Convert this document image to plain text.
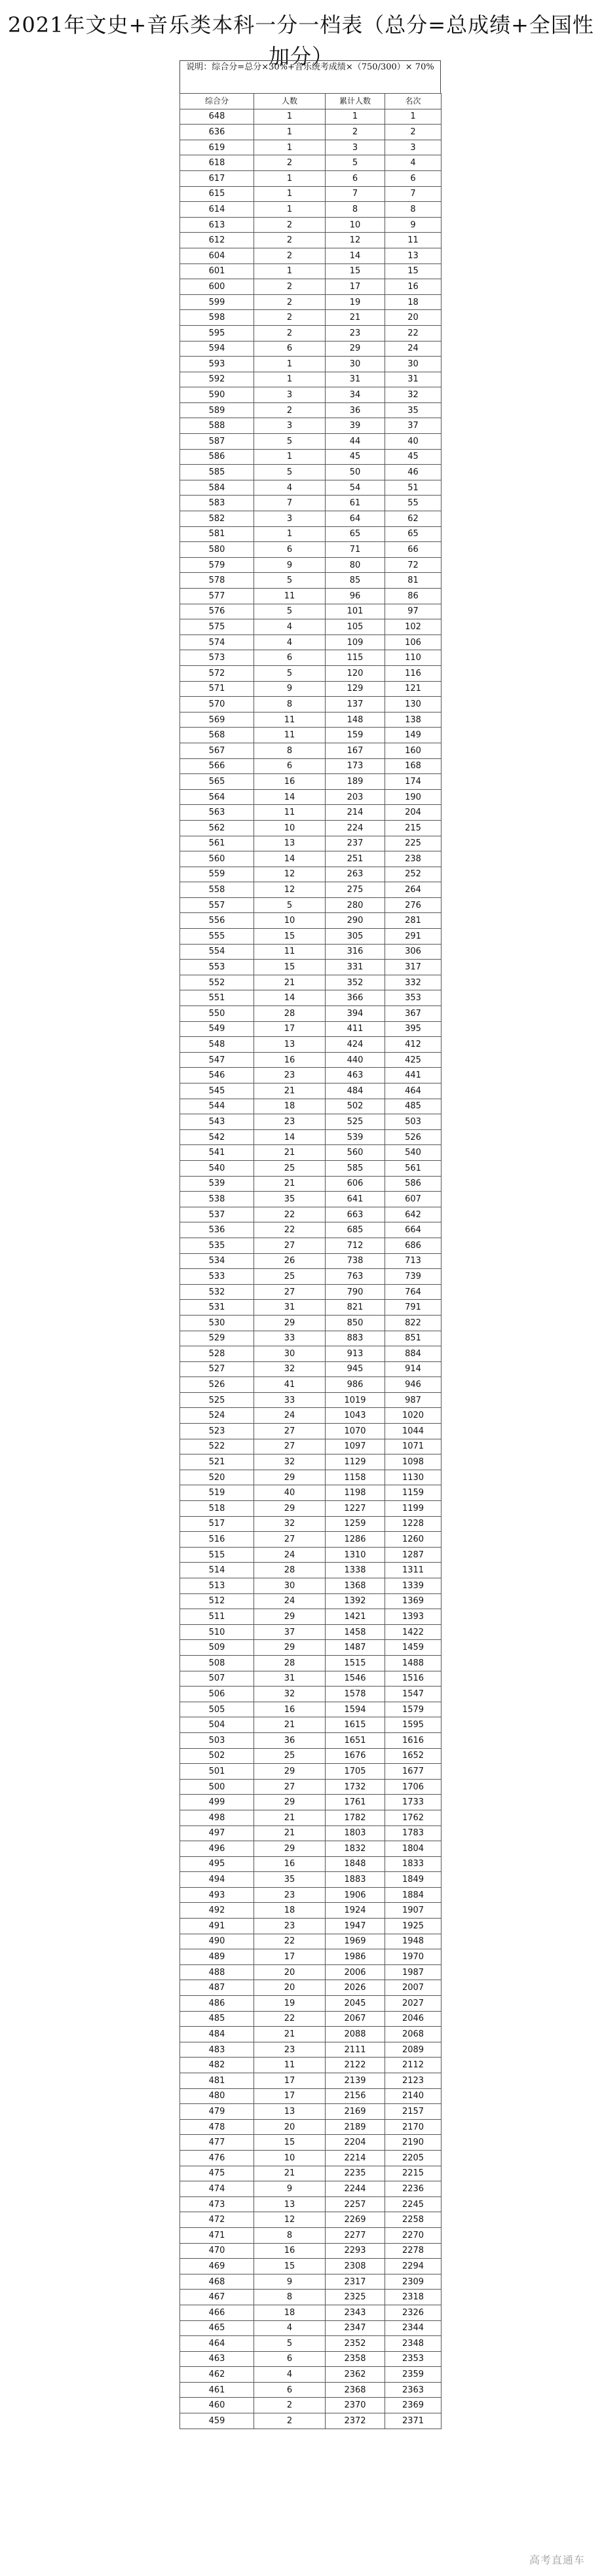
2021年文史+音乐类本科一分一档表（总分=总成绩+全国性加分）
说明：综合分=总分×30%+音乐统考成绩×（750/300）× 70%
综合分	人数	累计人数	名次
648	1	1	1
636	1	2	2
619	1	3	3
618	2	5	4
617	1	6	6
615	1	7	7
614	1	8	8
613	2	10	9
612	2	12	11
604	2	14	13
601	1	15	15
600	2	17	16
599	2	19	18
598	2	21	20
595	2	23	22
594	6	29	24
593	1	30	30
592	1	31	31
590	3	34	32
589	2	36	35
588	3	39	37
587	5	44	40
586	1	45	45
585	5	50	46
584	4	54	51
583	7	61	55
582	3	64	62
581	1	65	65
580	6	71	66
579	9	80	72
578	5	85	81
577	11	96	86
576	5	101	97
575	4	105	102
574	4	109	106
573	6	115	110
572	5	120	116
571	9	129	121
570	8	137	130
569	11	148	138
568	11	159	149
567	8	167	160
566	6	173	168
565	16	189	174
564	14	203	190
563	11	214	204
562	10	224	215
561	13	237	225
560	14	251	238
559	12	263	252
558	12	275	264
557	5	280	276
556	10	290	281
555	15	305	291
554	11	316	306
553	15	331	317
552	21	352	332
551	14	366	353
550	28	394	367
549	17	411	395
548	13	424	412
547	16	440	425
546	23	463	441
545	21	484	464
544	18	502	485
543	23	525	503
542	14	539	526
541	21	560	540
540	25	585	561
539	21	606	586
538	35	641	607
537	22	663	642
536	22	685	664
535	27	712	686
534	26	738	713
533	25	763	739
532	27	790	764
531	31	821	791
530	29	850	822
529	33	883	851
528	30	913	884
527	32	945	914
526	41	986	946
525	33	1019	987
524	24	1043	1020
523	27	1070	1044
522	27	1097	1071
521	32	1129	1098
520	29	1158	1130
519	40	1198	1159
518	29	1227	1199
517	32	1259	1228
516	27	1286	1260
515	24	1310	1287
514	28	1338	1311
513	30	1368	1339
512	24	1392	1369
511	29	1421	1393
510	37	1458	1422
509	29	1487	1459
508	28	1515	1488
507	31	1546	1516
506	32	1578	1547
505	16	1594	1579
504	21	1615	1595
503	36	1651	1616
502	25	1676	1652
501	29	1705	1677
500	27	1732	1706
499	29	1761	1733
498	21	1782	1762
497	21	1803	1783
496	29	1832	1804
495	16	1848	1833
494	35	1883	1849
493	23	1906	1884
492	18	1924	1907
491	23	1947	1925
490	22	1969	1948
489	17	1986	1970
488	20	2006	1987
487	20	2026	2007
486	19	2045	2027
485	22	2067	2046
484	21	2088	2068
483	23	2111	2089
482	11	2122	2112
481	17	2139	2123
480	17	2156	2140
479	13	2169	2157
478	20	2189	2170
477	15	2204	2190
476	10	2214	2205
475	21	2235	2215
474	9	2244	2236
473	13	2257	2245
472	12	2269	2258
471	8	2277	2270
470	16	2293	2278
469	15	2308	2294
468	9	2317	2309
467	8	2325	2318
466	18	2343	2326
465	4	2347	2344
464	5	2352	2348
463	6	2358	2353
462	4	2362	2359
461	6	2368	2363
460	2	2370	2369
459	2	2372	2371
高考直通车
